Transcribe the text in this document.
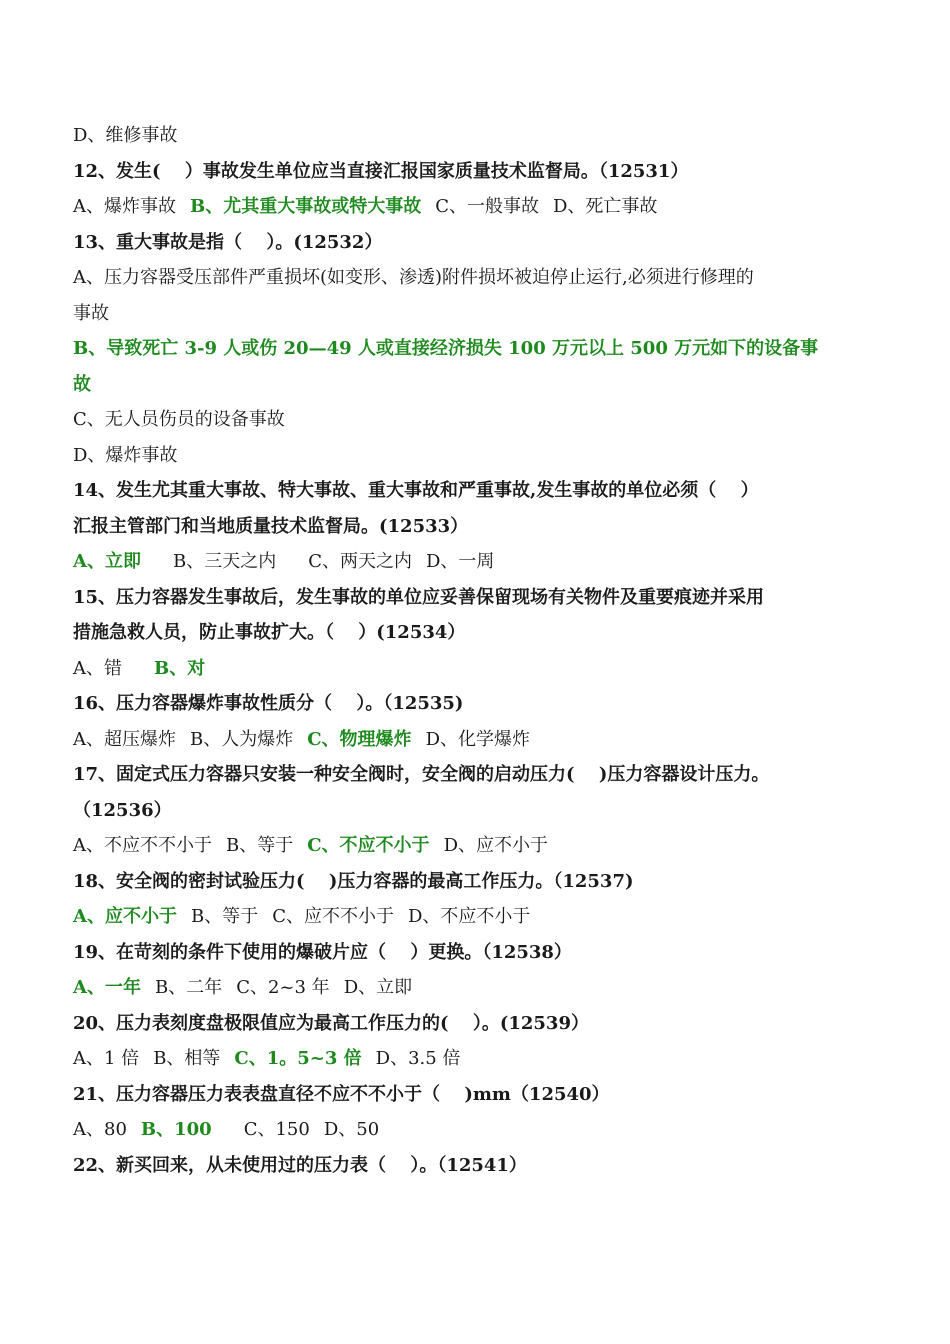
D、维修事故
12、发生(　 ）事故发生单位应当直接汇报国家质量技术监督局。（12531）
A、爆炸事故 B、尤其重大事故或特大事故 C、一般事故 D、死亡事故
13、重大事故是指（　 ）。(12532）
A、压力容器受压部件严重损坏(如变形、渗透)附件损坏被迫停止运行,必须进行修理的
事故
B、导致死亡 3-9 人或伤 20—49 人或直接经济损失 100 万元以上 500 万元如下的设备事
故
C、无人员伤员的设备事故
D、爆炸事故
14、发生尤其重大事故、特大事故、重大事故和严重事故,发生事故的单位必须（　 ）
汇报主管部门和当地质量技术监督局。(12533）
A、立即　B、三天之内　C、两天之内 D、一周
15、压力容器发生事故后，发生事故的单位应妥善保留现场有关物件及重要痕迹并采用
措施急救人员，防止事故扩大。（　 ）(12534）
A、错　B、对
16、压力容器爆炸事故性质分（　 ）。（12535)
A、超压爆炸 B、人为爆炸 C、物理爆炸 D、化学爆炸
17、固定式压力容器只安装一种安全阀时，安全阀的启动压力(　 )压力容器设计压力。
（12536）
A、不应不不小于 B、等于 C、不应不小于 D、应不小于
18、安全阀的密封试验压力(　 )压力容器的最高工作压力。（12537)
A、应不小于 B、等于 C、应不不小于 D、不应不小于
19、在苛刻的条件下使用的爆破片应（　 ）更换。（12538）
A、一年 B、二年 C、2~3 年 D、立即
20、压力表刻度盘极限值应为最高工作压力的(　 ）。(12539）
A、1 倍 B、相等 C、1。5~3 倍 D、3.5 倍
21、压力容器压力表表盘直径不应不不小于（　 )mm（12540）
A、80 B、100　C、150 D、50
22、新买回来，从未使用过的压力表（　 ）。（12541）
